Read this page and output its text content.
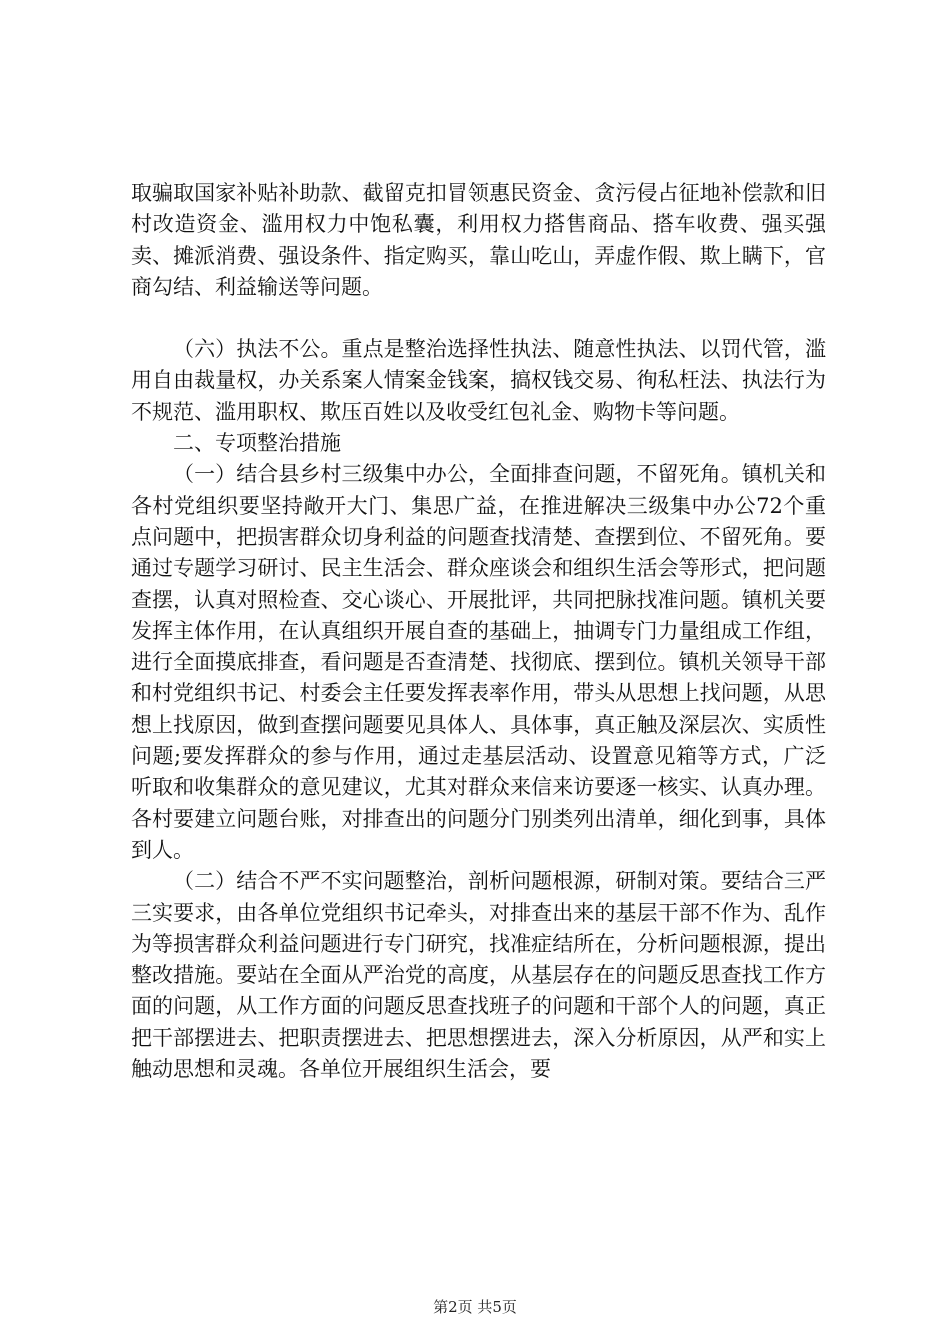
取骗取国家补贴补助款、截留克扣冒领惠民资金、贪污侵占征地补偿款和旧村改造资金、滥用权力中饱私囊，利用权力搭售商品、搭车收费、强买强卖、摊派消费、强设条件、指定购买，靠山吃山，弄虚作假、欺上瞒下，官商勾结、利益输送等问题。

（六）执法不公。重点是整治选择性执法、随意性执法、以罚代管，滥用自由裁量权，办关系案人情案金钱案，搞权钱交易、徇私枉法、执法行为不规范、滥用职权、欺压百姓以及收受红包礼金、购物卡等问题。

二、专项整治措施

（一）结合县乡村三级集中办公，全面排查问题，不留死角。镇机关和各村党组织要坚持敞开大门、集思广益，在推进解决三级集中办公72个重点问题中，把损害群众切身利益的问题查找清楚、查摆到位、不留死角。要通过专题学习研讨、民主生活会、群众座谈会和组织生活会等形式，把问题查摆，认真对照检查、交心谈心、开展批评，共同把脉找准问题。镇机关要发挥主体作用，在认真组织开展自查的基础上，抽调专门力量组成工作组，进行全面摸底排查，看问题是否查清楚、找彻底、摆到位。镇机关领导干部和村党组织书记、村委会主任要发挥表率作用，带头从思想上找问题，从思想上找原因，做到查摆问题要见具体人、具体事，真正触及深层次、实质性问题;要发挥群众的参与作用，通过走基层活动、设置意见箱等方式，广泛听取和收集群众的意见建议，尤其对群众来信来访要逐一核实、认真办理。各村要建立问题台账，对排查出的问题分门别类列出清单，细化到事，具体到人。

（二）结合不严不实问题整治，剖析问题根源，研制对策。要结合三严三实要求，由各单位党组织书记牵头，对排查出来的基层干部不作为、乱作为等损害群众利益问题进行专门研究，找准症结所在，分析问题根源，提出整改措施。要站在全面从严治党的高度，从基层存在的问题反思查找工作方面的问题，从工作方面的问题反思查找班子的问题和干部个人的问题，真正把干部摆进去、把职责摆进去、把思想摆进去，深入分析原因，从严和实上触动思想和灵魂。各单位开展组织生活会，要

第2页 共5页
